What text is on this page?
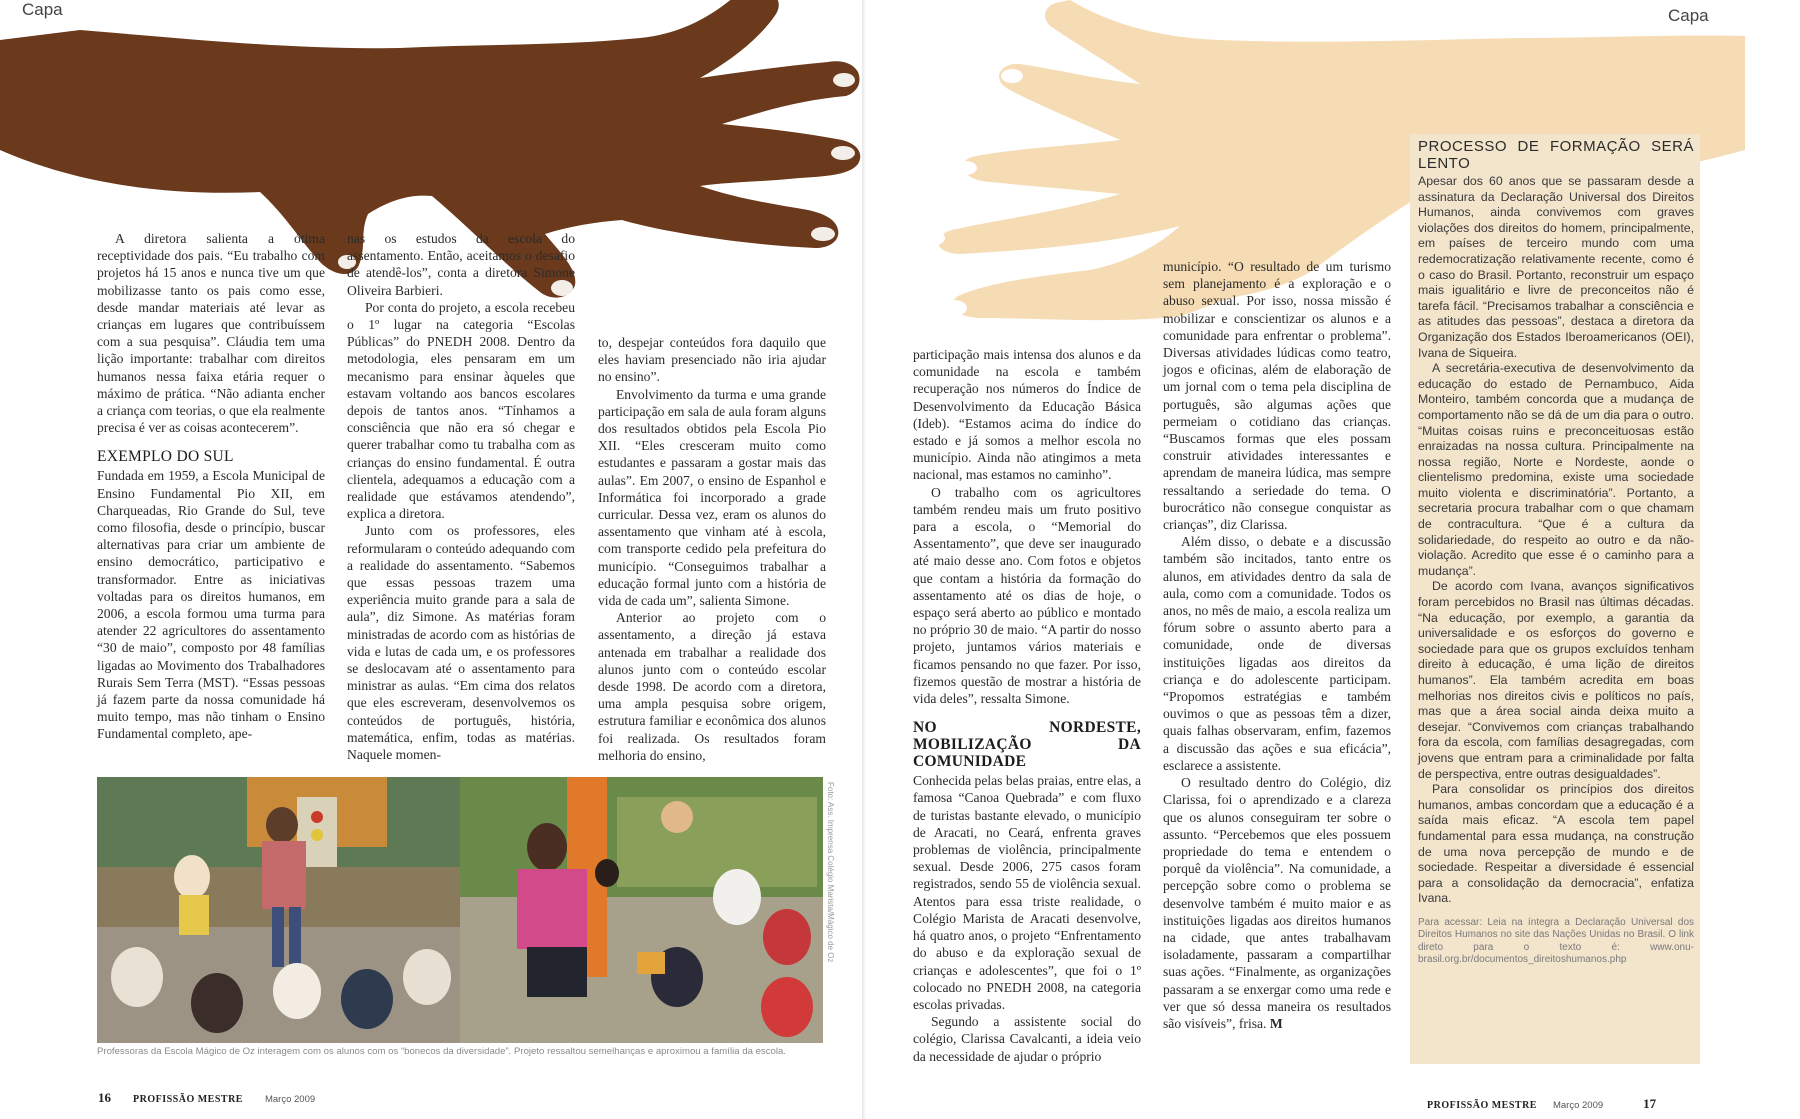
Capa	Capa

A diretora salienta a ótima receptividade dos pais. “Eu trabalho com projetos há 15 anos e nunca tive um que mobilizasse tanto os pais como esse, desde mandar materiais até levar as crianças em lugares que contribuíssem com a sua pesquisa”. Cláudia tem uma lição importante: trabalhar com direitos humanos nessa faixa etária requer o máximo de prática. “Não adianta encher a criança com teorias, o que ela realmente precisa é ver as coisas acontecerem”.

EXEMPLO DO SUL

Fundada em 1959, a Escola Municipal de Ensino Fundamental Pio XII, em Charqueadas, Rio Grande do Sul, teve como filosofia, desde o princípio, buscar alternativas para criar um ambiente de ensino democrático, participativo e transformador. Entre as iniciativas voltadas para os direitos humanos, em 2006, a escola formou uma turma para atender 22 agricultores do assentamento “30 de maio”, composto por 48 famílias ligadas ao Movimento dos Trabalhadores Rurais Sem Terra (MST). “Essas pessoas já fazem parte da nossa comunidade há muito tempo, mas não tinham o Ensino Fundamental completo, ape-

nas os estudos da escola do assentamento. Então, aceitamos o desafio de atendê-los”, conta a diretora Simone Oliveira Barbieri.

Por conta do projeto, a escola recebeu o 1º lugar na categoria “Escolas Públicas” do PNEDH 2008. Dentro da metodologia, eles pensaram em um mecanismo para ensinar àqueles que estavam voltando aos bancos escolares depois de tantos anos. “Tínhamos a consciência que não era só chegar e querer trabalhar como tu trabalha com as crianças do ensino fundamental. É outra clientela, adequamos a educação com a realidade que estávamos atendendo”, explica a diretora.

Junto com os professores, eles reformularam o conteúdo adequando com a realidade do assentamento. “Sabemos que essas pessoas trazem uma experiência muito grande para a sala de aula”, diz Simone. As matérias foram ministradas de acordo com as histórias de vida e lutas de cada um, e os professores se deslocavam até o assentamento para ministrar as aulas. “Em cima dos relatos que eles escreveram, desenvolvemos os conteúdos de português, história, matemática, enfim, todas as matérias. Naquele momen-

to, despejar conteúdos fora daquilo que eles haviam presenciado não iria ajudar no ensino”.

Envolvimento da turma e uma grande participação em sala de aula foram alguns dos resultados obtidos pela Escola Pio XII. “Eles cresceram muito como estudantes e passaram a gostar mais das aulas”. Em 2007, o ensino de Espanhol e Informática foi incorporado a grade curricular. Dessa vez, eram os alunos do assentamento que vinham até à escola, com transporte cedido pela prefeitura do município. “Conseguimos trabalhar a educação formal junto com a história de vida de cada um”, salienta Simone.

Anterior ao projeto com o assentamento, a direção já estava antenada em trabalhar a realidade dos alunos junto com o conteúdo escolar desde 1998. De acordo com a diretora, uma ampla pesquisa sobre origem, estrutura familiar e econômica dos alunos foi realizada. Os resultados foram melhoria do ensino,

Foto: Ass. Imprensa Colégio Marista/Mágico de Oz
Professoras da Escola Mágico de Oz interagem com os alunos com os “bonecos da diversidade”. Projeto ressaltou semelhanças e aproximou a família da escola.

participação mais intensa dos alunos e da comunidade na escola e também recuperação nos números do Índice de Desenvolvimento da Educação Básica (Ideb). “Estamos acima do índice do estado e já somos a melhor escola no município. Ainda não atingimos a meta nacional, mas estamos no caminho”.

O trabalho com os agricultores também rendeu mais um fruto positivo para a escola, o “Memorial do Assentamento”, que deve ser inaugurado até maio desse ano. Com fotos e objetos que contam a história da formação do assentamento até os dias de hoje, o espaço será aberto ao público e montado no próprio 30 de maio. “A partir do nosso projeto, juntamos vários materiais e ficamos pensando no que fazer. Por isso, fizemos questão de mostrar a história de vida deles”, ressalta Simone.

NO NORDESTE, MOBILIZAÇÃO DA COMUNIDADE

Conhecida pelas belas praias, entre elas, a famosa “Canoa Quebrada” e com fluxo de turistas bastante elevado, o município de Aracati, no Ceará, enfrenta graves problemas de violência, principalmente sexual. Desde 2006, 275 casos foram registrados, sendo 55 de violência sexual. Atentos para essa triste realidade, o Colégio Marista de Aracati desenvolve, há quatro anos, o projeto “Enfrentamento do abuso e da exploração sexual de crianças e adolescentes”, que foi o 1º colocado no PNEDH 2008, na categoria escolas privadas.

Segundo a assistente social do colégio, Clarissa Cavalcanti, a ideia veio da necessidade de ajudar o próprio

município. “O resultado de um turismo sem planejamento é a exploração e o abuso sexual. Por isso, nossa missão é mobilizar e conscientizar os alunos e a comunidade para enfrentar o problema”. Diversas atividades lúdicas como teatro, jogos e oficinas, além de elaboração de um jornal com o tema pela disciplina de português, são algumas ações que permeiam o cotidiano das crianças. “Buscamos formas que eles possam construir atividades interessantes e aprendam de maneira lúdica, mas sempre ressaltando a seriedade do tema. O burocrático não consegue conquistar as crianças”, diz Clarissa.

Além disso, o debate e a discussão também são incitados, tanto entre os alunos, em atividades dentro da sala de aula, como com a comunidade. Todos os anos, no mês de maio, a escola realiza um fórum sobre o assunto aberto para a comunidade, onde de diversas instituições ligadas aos direitos da criança e do adolescente participam. “Propomos estratégias e também ouvimos o que as pessoas têm a dizer, quais falhas observaram, enfim, fazemos a discussão das ações e sua eficácia”, esclarece a assistente.

O resultado dentro do Colégio, diz Clarissa, foi o aprendizado e a clareza que os alunos conseguiram ter sobre o assunto. “Percebemos que eles possuem propriedade do tema e entendem o porquê da violência”. Na comunidade, a percepção sobre como o problema se desenvolve também é muito maior e as instituições ligadas aos direitos humanos na cidade, que antes trabalhavam isoladamente, passaram a compartilhar suas ações. “Finalmente, as organizações passaram a se enxergar como uma rede e ver que só dessa maneira os resultados são visíveis”, frisa. M

PROCESSO DE FORMAÇÃO SERÁ LENTO

Apesar dos 60 anos que se passaram desde a assinatura da Declaração Universal dos Direitos Humanos, ainda convivemos com graves violações dos direitos do homem, principalmente, em países de terceiro mundo com uma redemocratização relativamente recente, como é o caso do Brasil. Portanto, reconstruir um espaço mais igualitário e livre de preconceitos não é tarefa fácil. “Precisamos trabalhar a consciência e as atitudes das pessoas”, destaca a diretora da Organização dos Estados Iberoamericanos (OEI), Ivana de Siqueira.

A secretária-executiva de desenvolvimento da educação do estado de Pernambuco, Aida Monteiro, também concorda que a mudança de comportamento não se dá de um dia para o outro. “Muitas coisas ruins e preconceituosas estão enraizadas na nossa cultura. Principalmente na nossa região, Norte e Nordeste, aonde o clientelismo predomina, existe uma sociedade muito violenta e discriminatória”. Portanto, a secretaria procura trabalhar com o que chamam de contracultura. “Que é a cultura da solidariedade, do respeito ao outro e da não-violação. Acredito que esse é o caminho para a mudança”.

De acordo com Ivana, avanços significativos foram percebidos no Brasil nas últimas décadas. “Na educação, por exemplo, a garantia da universalidade e os esforços do governo e sociedade para que os grupos excluídos tenham direito à educação, é uma lição de direitos humanos”. Ela também acredita em boas melhorias nos direitos civis e políticos no país, mas que a área social ainda deixa muito a desejar. “Convivemos com crianças trabalhando fora da escola, com famílias desagregadas, com jovens que entram para a criminalidade por falta de perspectiva, entre outras desigualdades”.

Para consolidar os princípios dos direitos humanos, ambas concordam que a educação é a saída mais eficaz. “A escola tem papel fundamental para essa mudança, na construção de uma nova percepção de mundo e de sociedade. Respeitar a diversidade é essencial para a consolidação da democracia”, enfatiza Ivana.

Para acessar: Leia na íntegra a Declaração Universal dos Direitos Humanos no site das Nações Unidas no Brasil. O link direto para o texto é: www.onu-brasil.org.br/documentos_direitoshumanos.php

16 PROFISSÃO MESTRE Março 2009
PROFISSÃO MESTRE Março 2009	17
